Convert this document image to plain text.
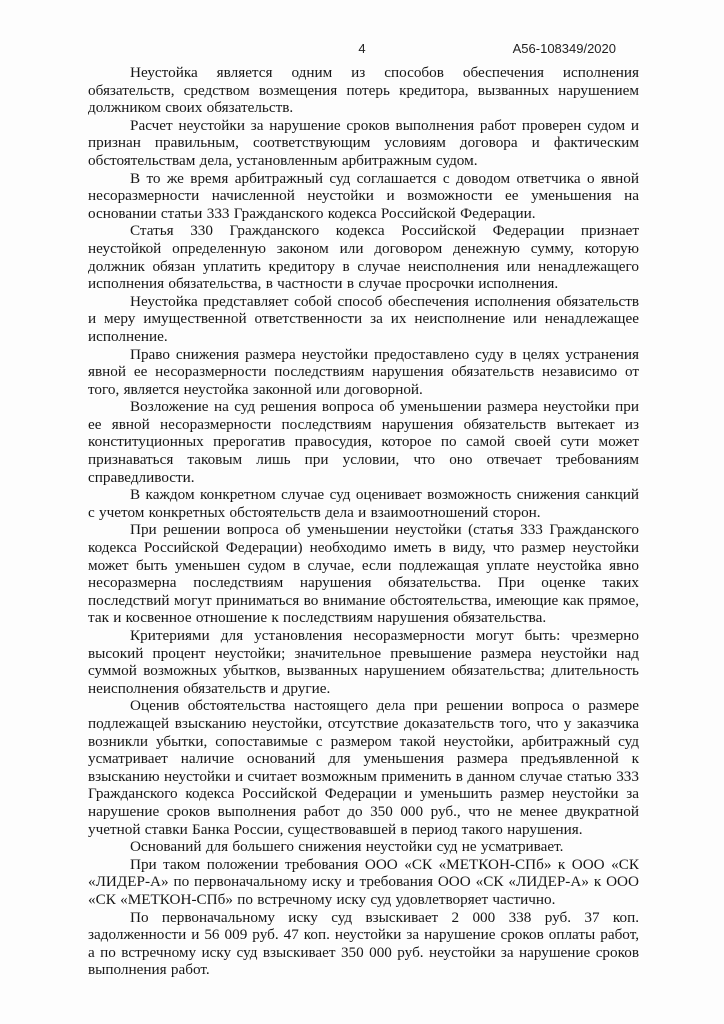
4	А56-108349/2020

Неустойка является одним из способов обеспечения исполнения обязательств, средством возмещения потерь кредитора, вызванных нарушением должником своих обязательств.

Расчет неустойки за нарушение сроков выполнения работ проверен судом и признан правильным, соответствующим условиям договора и фактическим обстоятельствам дела, установленным арбитражным судом.

В то же время арбитражный суд соглашается с доводом ответчика о явной несоразмерности начисленной неустойки и возможности ее уменьшения на основании статьи 333 Гражданского кодекса Российской Федерации.

Статья 330 Гражданского кодекса Российской Федерации признает неустойкой определенную законом или договором денежную сумму, которую должник обязан уплатить кредитору в случае неисполнения или ненадлежащего исполнения обязательства, в частности в случае просрочки исполнения.

Неустойка представляет собой способ обеспечения исполнения обязательств и меру имущественной ответственности за их неисполнение или ненадлежащее исполнение.

Право снижения размера неустойки предоставлено суду в целях устранения явной ее несоразмерности последствиям нарушения обязательств независимо от того, является неустойка законной или договорной.

Возложение на суд решения вопроса об уменьшении размера неустойки при ее явной несоразмерности последствиям нарушения обязательств вытекает из конституционных прерогатив правосудия, которое по самой своей сути может признаваться таковым лишь при условии, что оно отвечает требованиям справедливости.

В каждом конкретном случае суд оценивает возможность снижения санкций с учетом конкретных обстоятельств дела и взаимоотношений сторон.

При решении вопроса об уменьшении неустойки (статья 333 Гражданского кодекса Российской Федерации) необходимо иметь в виду, что размер неустойки может быть уменьшен судом в случае, если подлежащая уплате неустойка явно несоразмерна последствиям нарушения обязательства. При оценке таких последствий могут приниматься во внимание обстоятельства, имеющие как прямое, так и косвенное отношение к последствиям нарушения обязательства.

Критериями для установления несоразмерности могут быть: чрезмерно высокий процент неустойки; значительное превышение размера неустойки над суммой возможных убытков, вызванных нарушением обязательства; длительность неисполнения обязательств и другие.

Оценив обстоятельства настоящего дела при решении вопроса о размере подлежащей взысканию неустойки, отсутствие доказательств того, что у заказчика возникли убытки, сопоставимые с размером такой неустойки, арбитражный суд усматривает наличие оснований для уменьшения размера предъявленной к взысканию неустойки и считает возможным применить в данном случае статью 333 Гражданского кодекса Российской Федерации и уменьшить размер неустойки за нарушение сроков выполнения работ до 350 000 руб., что не менее двукратной учетной ставки Банка России, существовавшей в период такого нарушения.

Оснований для большего снижения неустойки суд не усматривает.

При таком положении требования ООО «СК «МЕТКОН-СПб» к ООО «СК «ЛИДЕР-А» по первоначальному иску и требования ООО «СК «ЛИДЕР-А» к ООО «СК «МЕТКОН-СПб» по встречному иску суд удовлетворяет частично.

По первоначальному иску суд взыскивает 2 000 338 руб. 37 коп. задолженности и 56 009 руб. 47 коп. неустойки за нарушение сроков оплаты работ, а по встречному иску суд взыскивает 350 000 руб. неустойки за нарушение сроков выполнения работ.
